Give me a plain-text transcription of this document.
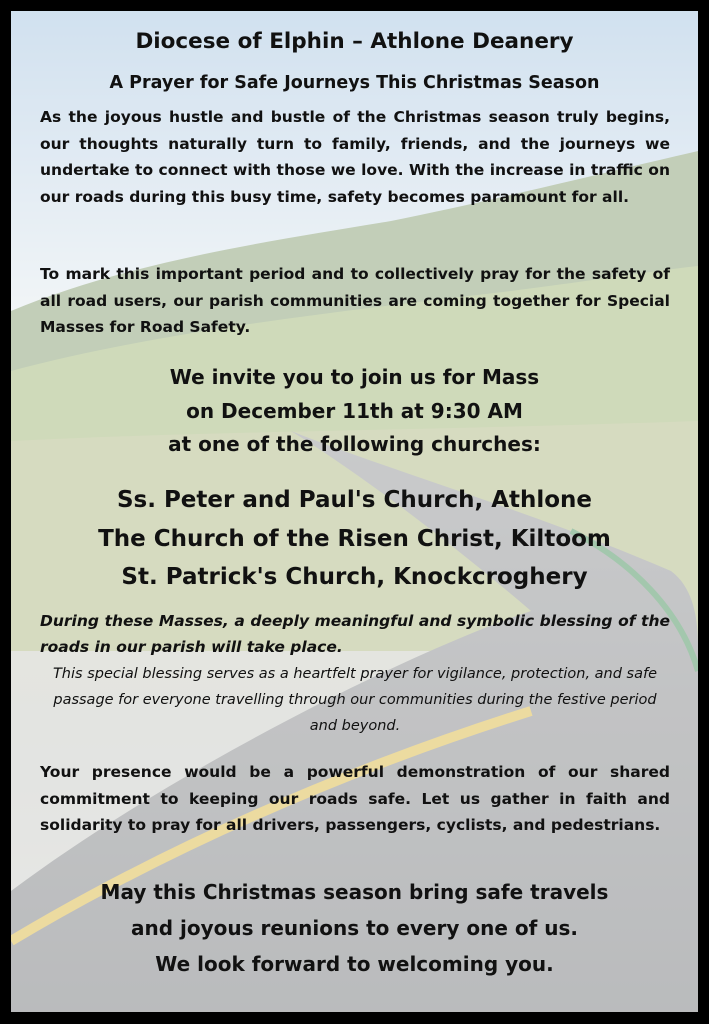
Diocese of Elphin – Athlone Deanery
A Prayer for Safe Journeys This Christmas Season
As the joyous hustle and bustle of the Christmas season truly begins, our thoughts naturally turn to family, friends, and the journeys we undertake to connect with those we love. With the increase in traffic on our roads during this busy time, safety becomes paramount for all.
To mark this important period and to collectively pray for the safety of all road users, our parish communities are coming together for Special Masses for Road Safety.
We invite you to join us for Mass
on December 11th at 9:30 AM
at one of the following churches:
Ss. Peter and Paul's Church, Athlone
The Church of the Risen Christ, Kiltoom
St. Patrick's Church, Knockcroghery
During these Masses, a deeply meaningful and symbolic blessing of the roads in our parish will take place.
This special blessing serves as a heartfelt prayer for vigilance, protection, and safe passage for everyone travelling through our communities during the festive period and beyond.
Your presence would be a powerful demonstration of our shared commitment to keeping our roads safe. Let us gather in faith and solidarity to pray for all drivers, passengers, cyclists, and pedestrians.
May this Christmas season bring safe travels
and joyous reunions to every one of us.
We look forward to welcoming you.
